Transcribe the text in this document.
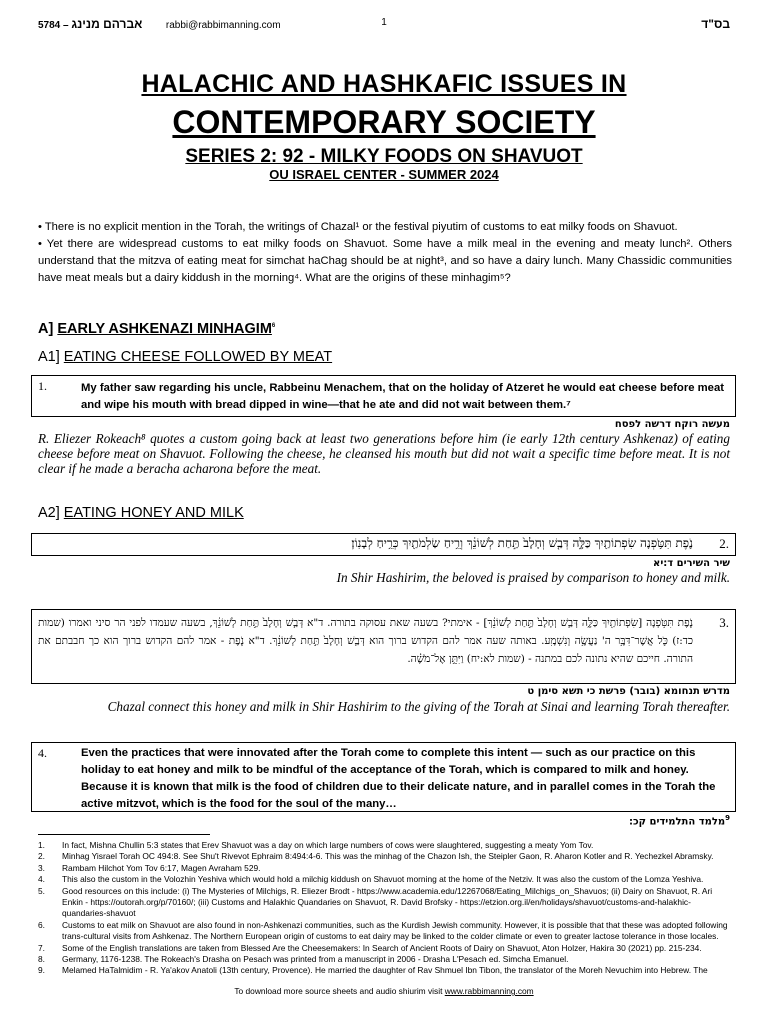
5784 – אברהם מנינג rabbi@rabbimanning.com	1	בס"ד
HALACHIC AND HASHKAFIC ISSUES IN
CONTEMPORARY SOCIETY
SERIES 2: 92 - MILKY FOODS ON SHAVUOT
OU ISRAEL CENTER - SUMMER 2024

• There is no explicit mention in the Torah, the writings of Chazal¹ or the festival piyutim of customs to eat milky foods on Shavuot.

• Yet there are widespread customs to eat milky foods on Shavuot. Some have a milk meal in the evening and meaty lunch². Others understand that the mitzva of eating meat for simchat haChag should be at night³, and so have a dairy lunch. Many Chassidic communities have meat meals but a dairy kiddush in the morning⁴. What are the origins of these minhagim⁵?

A] EARLY ASHKENAZI MINHAGIM$^6$
A1] EATING CHEESE FOLLOWED BY MEAT
1.	My father saw regarding his uncle, Rabbeinu Menachem, that on the holiday of Atzeret he would eat cheese before meat and wipe his mouth with bread dipped in wine—that he ate and did not wait between them.⁷
מעשה רוקח דרשה לפסח
R. Eliezer Rokeach⁸ quotes a custom going back at least two generations before him (ie early 12th century Ashkenaz) of eating cheese before meat on Shavuot. Following the cheese, he cleansed his mouth but did not wait a specific time before meat. It is not clear if he made a beracha acharona before the meat.
A2] EATING HONEY AND MILK
2.
נֹ֛פֶת תִּטֹּ֥פְנָה שִׂפְתוֹתַ֖יִךְ כַּלָּ֑ה דְּבַ֤שׁ וְחָלָב֙ תַּ֣חַת לְשׁוֹנֵ֔ךְ וְרֵ֥יחַ שַׂלְמֹתַ֖יִךְ כְּרֵ֥יחַ לְבָנֽוֹן׃
שיר השירים ד:יא
In Shir Hashirim, the beloved is praised by comparison to honey and milk.
3.
נֹ֛פֶת תִּטֹּ֥פְנָה [שִׂפְתוֹתַ֖יִךְ כַּלָּ֑ה דְּבַ֤שׁ וְחָלָב֙ תַּ֣חַת לְשׁוֹנֵ֔ךְ] - אימתי? בשעה שאת עסוקה בתורה. ד"א דְּבַ֤שׁ וְחָלָב֙ תַּ֣חַת לְשׁוֹנֵ֔ךְ, בשעה שעמדו לפני הר סיני ואמרו (שמות כד:ז) כֹּ֛ל אֲשֶׁר־דִּבֶּ֥ר ה' נַעֲשֶׂ֥ה וְנִשְׁמָֽע. באותה שעה אמר להם הקדוש ברוך הוא דְּבַ֤שׁ וְחָלָב֙ תַּ֣חַת לְשׁוֹנֵ֔ךְ. ד"א נֹ֛פֶת - אמר להם הקדוש ברוך הוא כך חבבתם את התורה. חייכם שהיא נתונה לכם במתנה - (שמות לא:יח) וַיִּתֵּ֣ן אֶל־מֹשֶׁ֗ה.
מדרש תנחומא (בובר) פרשת כי תשא סימן ט
Chazal connect this honey and milk in Shir Hashirim to the giving of the Torah at Sinai and learning Torah thereafter.
4.	Even the practices that were innovated after the Torah come to complete this intent — such as our practice on this holiday to eat honey and milk to be mindful of the acceptance of the Torah, which is compared to milk and honey. Because it is known that milk is the food of children due to their delicate nature, and in parallel comes in the Torah the active mitzvot, which is the food for the soul of the many…
$^9$מלמד התלמידים קכ:
1. In fact, Mishna Chullin 5:3 states that Erev Shavuot was a day on which large numbers of cows were slaughtered, suggesting a meaty Yom Tov.
2. Minhag Yisrael Torah OC 494:8. See Shu't Rivevot Ephraim 8:494:4-6. This was the minhag of the Chazon Ish, the Steipler Gaon, R. Aharon Kotler and R. Yechezkel Abramsky.
3. Rambam Hilchot Yom Tov 6:17, Magen Avraham 529.
4. This also the custom in the Volozhin Yeshiva which would hold a milchig kiddush on Shavuot morning at the home of the Netziv. It was also the custom of the Lomza Yeshiva.
5. Good resources on this include: (i) The Mysteries of Milchigs, R. Eliezer Brodt - https://www.academia.edu/12267068/Eating_Milchigs_on_Shavuos; (ii) Dairy on Shavuot, R. Ari Enkin - https://outorah.org/p/70160/; (iii) Customs and Halakhic Quandaries on Shavuot, R. David Brofsky - https://etzion.org.il/en/holidays/shavuot/customs-and-halakhic-quandaries-shavuot
6. Customs to eat milk on Shavuot are also found in non-Ashkenazi communities, such as the Kurdish Jewish community. However, it is possible that that these was adopted following trans-cultural visits from Ashkenaz. The Northern European origin of customs to eat dairy may be linked to the colder climate or even to greater lactose tolerance in those locales.
7. Some of the English translations are taken from Blessed Are the Cheesemakers: In Search of Ancient Roots of Dairy on Shavuot, Aton Holzer, Hakira 30 (2021) pp. 215-234.
8. Germany, 1176-1238. The Rokeach's Drasha on Pesach was printed from a manuscript in 2006 - Drasha L'Pesach ed. Simcha Emanuel.
9. Melamed HaTalmidim - R. Ya'akov Anatoli (13th century, Provence). He married the daughter of Rav Shmuel Ibn Tibon, the translator of the Moreh Nevuchim into Hebrew. The
To download more source sheets and audio shiurim visit www.rabbimanning.com
